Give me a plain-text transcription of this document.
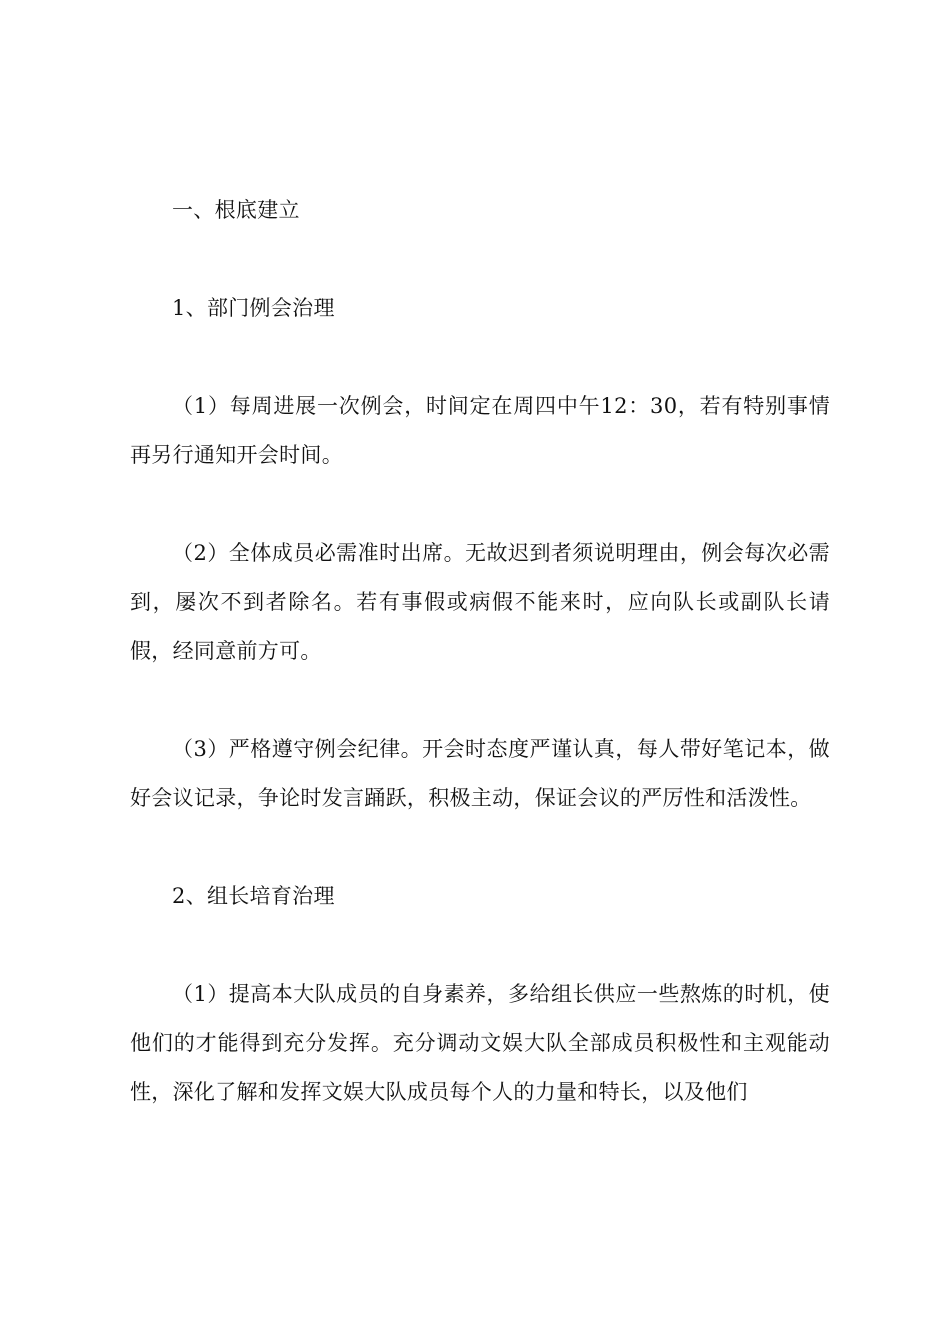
一、根底建立
1、部门例会治理

（1）每周进展一次例会，时间定在周四中午12：30，若有特别事情再另行通知开会时间。

（2）全体成员必需准时出席。无故迟到者须说明理由，例会每次必需到，屡次不到者除名。若有事假或病假不能来时，应向队长或副队长请假，经同意前方可。

（3）严格遵守例会纪律。开会时态度严谨认真，每人带好笔记本，做好会议记录，争论时发言踊跃，积极主动，保证会议的严厉性和活泼性。

2、组长培育治理

（1）提高本大队成员的自身素养，多给组长供应一些熬炼的时机，使他们的才能得到充分发挥。充分调动文娱大队全部成员积极性和主观能动性，深化了解和发挥文娱大队成员每个人的力量和特长，以及他们
